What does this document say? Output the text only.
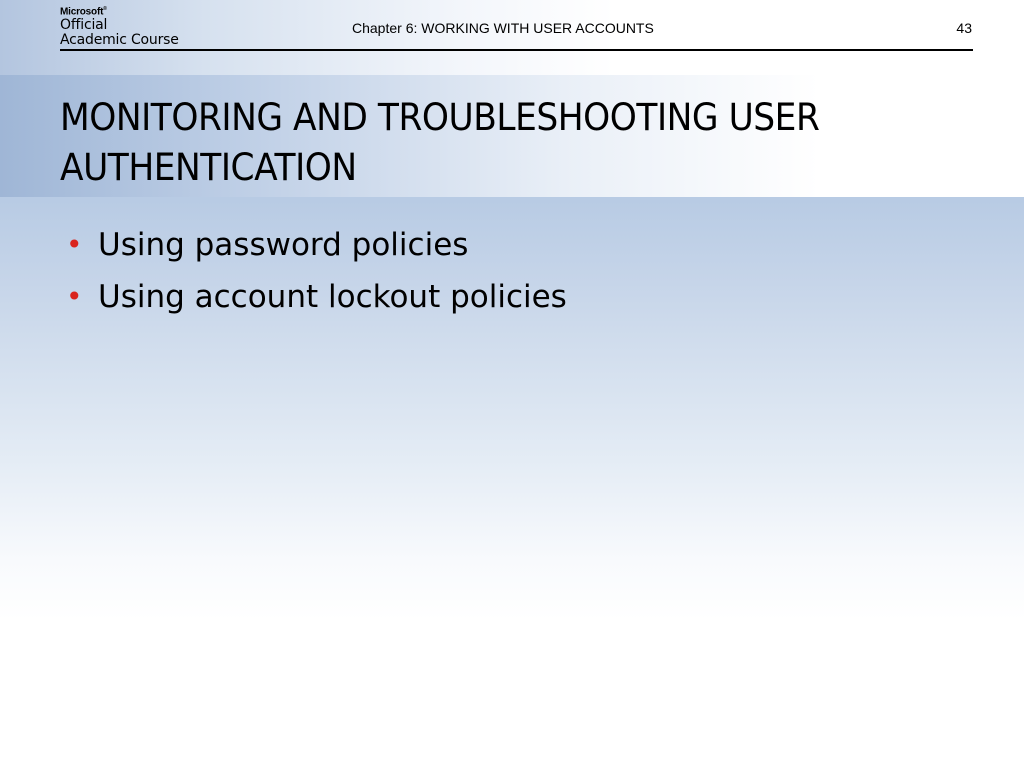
Microsoft®
Official
Academic Course
Chapter 6: WORKING WITH USER ACCOUNTS	43
MONITORING AND TROUBLESHOOTING USER
AUTHENTICATION
• Using password policies
• Using account lockout policies
